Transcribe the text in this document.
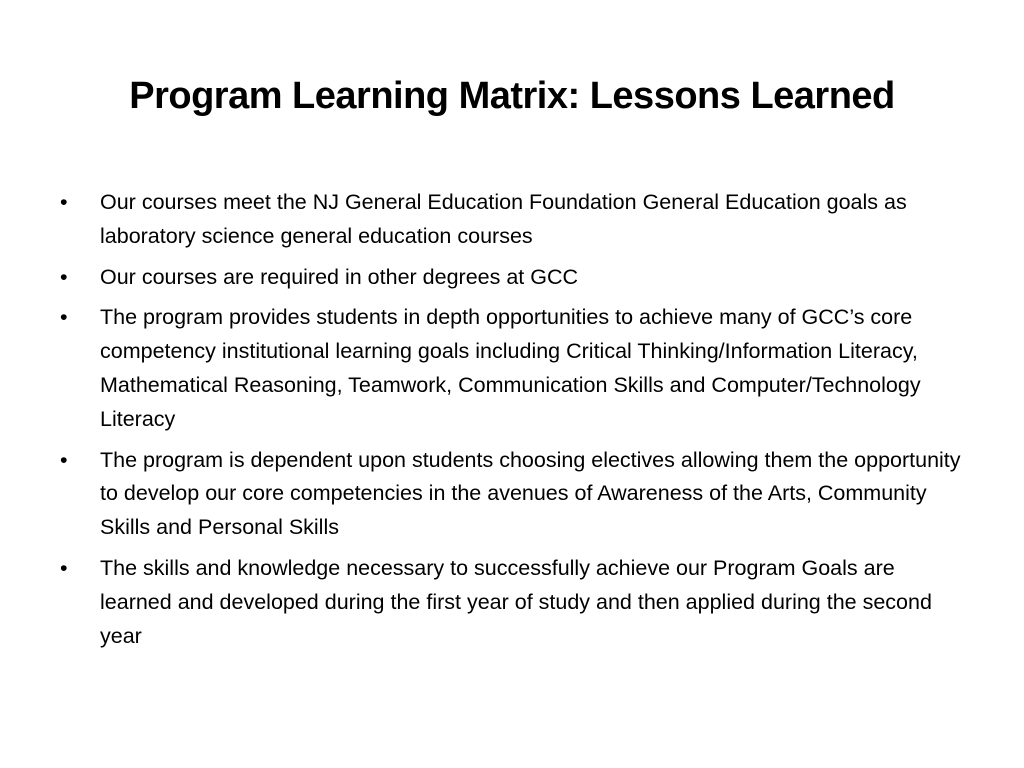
Program Learning Matrix: Lessons Learned
•	Our courses meet the NJ General Education Foundation General Education goals as laboratory science general education courses
•	Our courses are required in other degrees at GCC
•	The program provides students in depth opportunities to achieve many of GCC’s core competency institutional learning goals including Critical Thinking/Information Literacy, Mathematical Reasoning, Teamwork, Communication Skills and Computer/Technology Literacy
•	The program is dependent upon students choosing electives allowing them the opportunity to develop our core competencies in the avenues of Awareness of the Arts, Community Skills and Personal Skills
•	The skills and knowledge necessary to successfully achieve our Program Goals are learned and developed during the first year of study and then applied during the second year
